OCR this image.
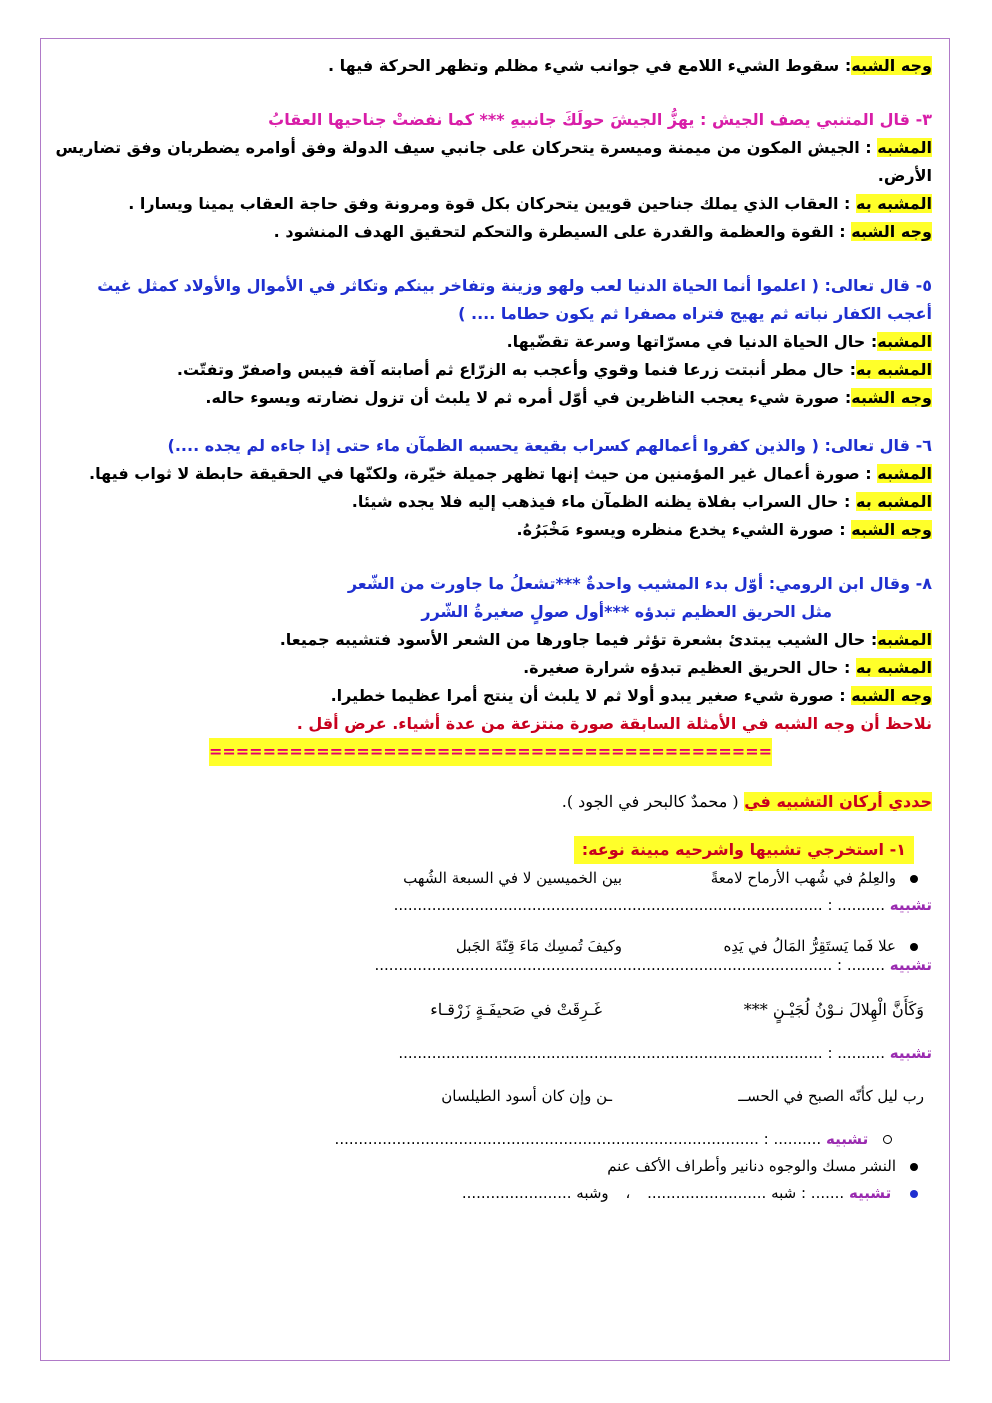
وجه الشبه: سقوط الشيء اللامع في جوانب شيء مظلم وتظهر الحركة فيها .
٣- قال المتنبي يصف الجيش : يهزُّ الجيشَ حولَكَ جانبيهِ *** كما نفضتْ جناحيها العقابُ
المشبه : الجيش المكون من ميمنة وميسرة يتحركان على جانبي سيف الدولة وفق أوامره يضطربان وفق تضاريس
الأرض.
المشبه به : العقاب الذي يملك جناحين قويين يتحركان بكل قوة ومرونة وفق حاجة العقاب يمينا ويسارا .
وجه الشبه : القوة والعظمة والقدرة على السيطرة والتحكم لتحقيق الهدف المنشود .
٥- قال تعالى: ( اعلموا أنما الحياة الدنيا لعب ولهو وزينة وتفاخر بينكم وتكاثر في الأموال والأولاد كمثل غيث
أعجب الكفار نباته ثم يهيج فتراه مصفرا ثم يكون حطاما .... )
المشبه: حال الحياة الدنيا في مسرّاتها وسرعة تقضّيها.
المشبه به: حال مطر أنبتت زرعا فنما وقوي وأعجب به الزرّاع ثم أصابته آفة فيبس واصفرّ وتفتّت.
وجه الشبه: صورة شيء يعجب الناظرين في أوّل أمره ثم لا يلبث أن تزول نضارته ويسوء حاله.
٦- قال تعالى: ( والذين كفروا أعمالهم كسراب بقيعة يحسبه الظمآن ماء حتى إذا جاءه لم يجده ....)
المشبه : صورة أعمال غير المؤمنين من حيث إنها تظهر جميلة خيّرة، ولكنّها في الحقيقة حابطة لا ثواب فيها.
المشبه به : حال السراب بفلاة يظنه الظمآن ماء فيذهب إليه فلا يجده شيئا.
وجه الشبه : صورة الشيء يخدع منظره ويسوء مَخْبَرُهُ.
٨- وقال ابن الرومي: أوّل بدء المشيب واحدةٌ ***تشعلُ ما جاورت من الشّعر
مثل الحريق العظيم تبدؤه ***أول صولٍ صغيرةُ الشّرر
المشبه: حال الشيب يبتدئ بشعرة تؤثر فيما جاورها من الشعر الأسود فتشيبه جميعا.
المشبه به : حال الحريق العظيم تبدؤه شرارة صغيرة.
وجه الشبه : صورة شيء صغير يبدو أولا ثم لا يلبث أن ينتج أمرا عظيما خطيرا.
نلاحظ أن وجه الشبه في الأمثلة السابقة صورة منتزعة من عدة أشياء. عرض أقل .
==========================================
حددي أركان التشبيه في ( محمدٌ كالبحر في الجود ).
١- استخرجي تشبيها واشرحيه مبينة نوعه:
والعِلمُ في شُهب الأرماح لامعةً
بين الخميسين لا في السبعة الشُهب
تشبيه .......... : ..........................................................................................
علا فَما يَستَقِرُّ المَالُ في يَدِه
وكيفَ تُمسِك مَاءَ قِنّةَ الجَبل
تشبيه ........ : ................................................................................................
وَكَأَنَّ الْهِلالَ نـوْنُ لُجَيْـنٍ ***
غَـرِقَتْ في صَحيفَـةٍ زَرْقـاء
تشبيه .......... : .........................................................................................
رب ليل كأنّه الصبح في الحســ
ـن وإن كان أسود الطيلسان
تشبيه .......... : .........................................................................................
النشر مسك والوجوه دنانير وأطراف الأكف عنم
تشبيه ....... : شبه ......................... ، وشبه .......................
